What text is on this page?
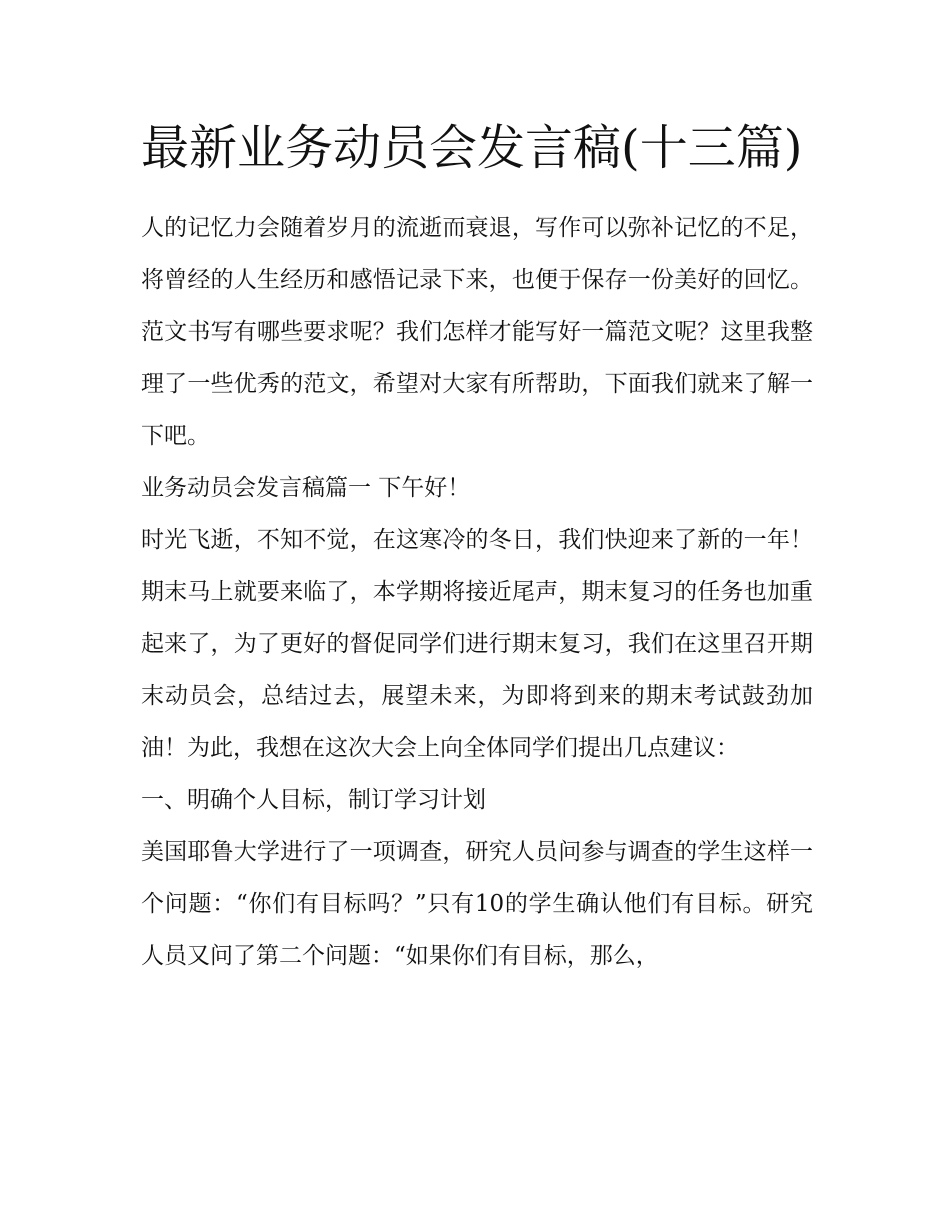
最新业务动员会发言稿(十三篇)

人的记忆力会随着岁月的流逝而衰退，写作可以弥补记忆的不足，将曾经的人生经历和感悟记录下来，也便于保存一份美好的回忆。范文书写有哪些要求呢？我们怎样才能写好一篇范文呢？这里我整理了一些优秀的范文，希望对大家有所帮助，下面我们就来了解一下吧。

业务动员会发言稿篇一 下午好！

时光飞逝，不知不觉，在这寒冷的冬日，我们快迎来了新的一年！期末马上就要来临了，本学期将接近尾声，期末复习的任务也加重起来了，为了更好的督促同学们进行期末复习，我们在这里召开期末动员会，总结过去，展望未来，为即将到来的期末考试鼓劲加油！为此，我想在这次大会上向全体同学们提出几点建议：

一、明确个人目标，制订学习计划

美国耶鲁大学进行了一项调查，研究人员问参与调查的学生这样一个问题：“你们有目标吗？”只有10的学生确认他们有目标。研究人员又问了第二个问题：“如果你们有目标，那么，
